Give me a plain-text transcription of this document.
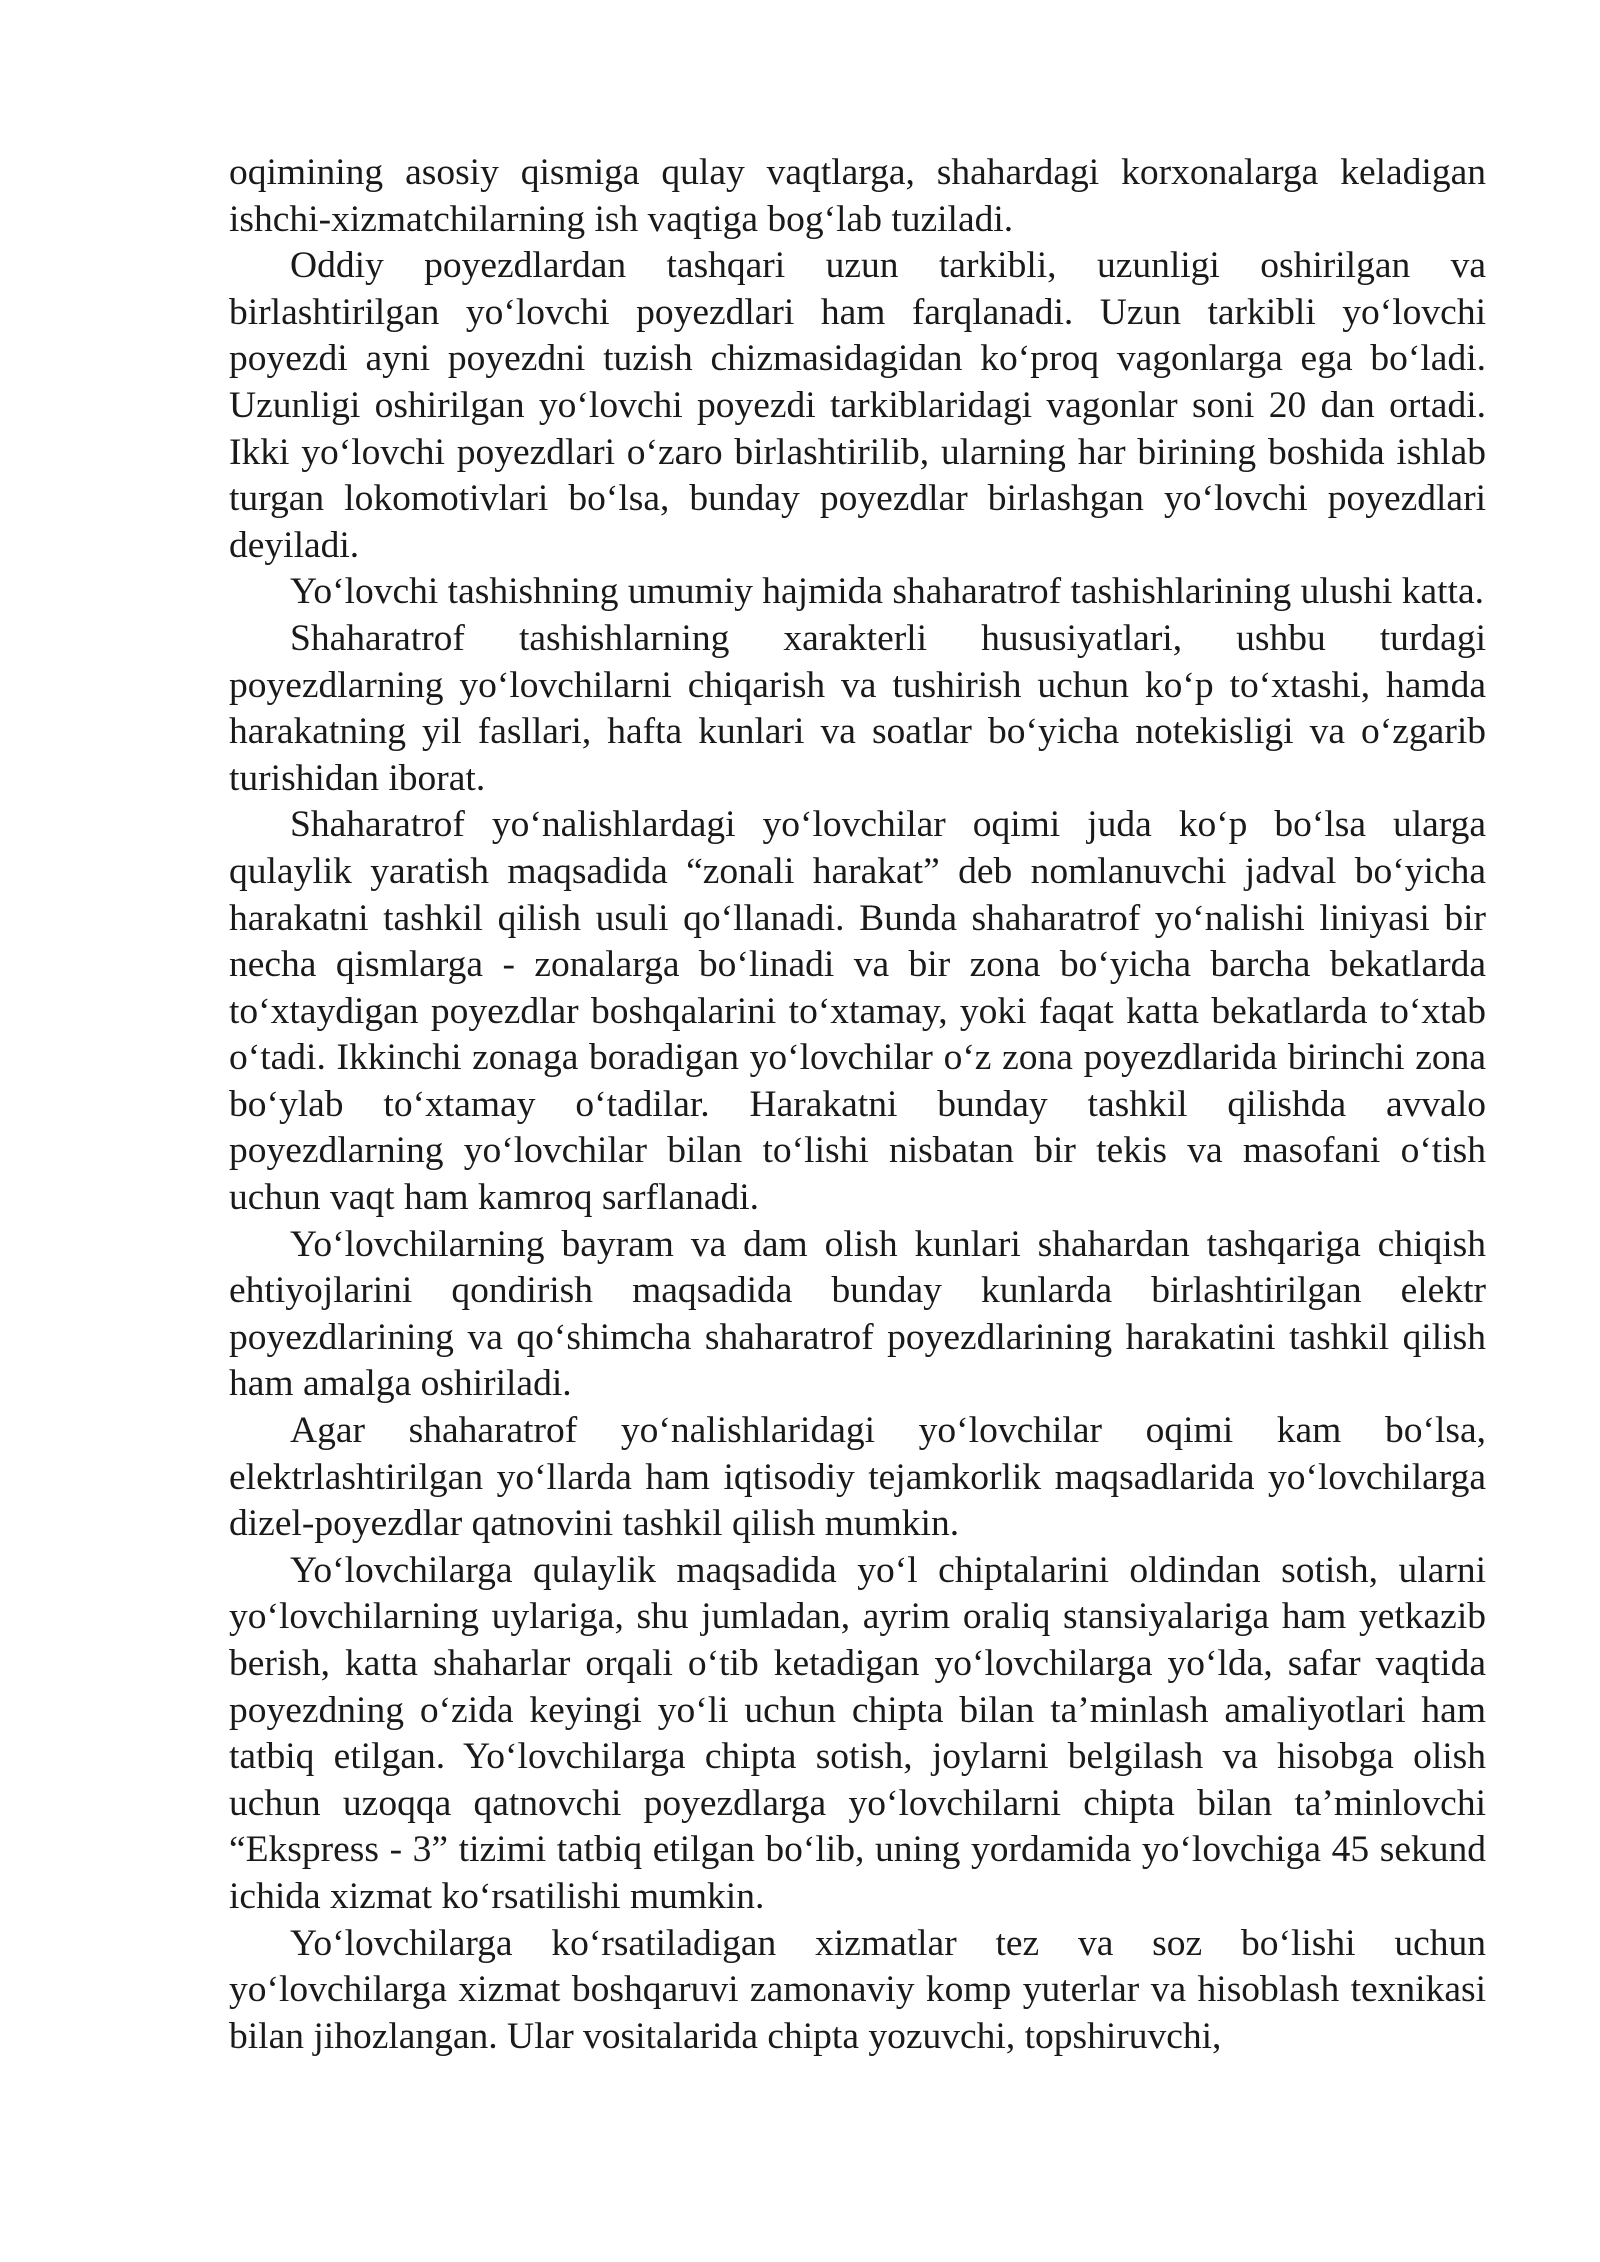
oqimining asosiy qismiga qulay vaqtlarga, shahardagi korxonalarga keladigan ishchi-xizmatchilarning ish vaqtiga bog‘lab tuziladi.

Oddiy poyezdlardan tashqari uzun tarkibli, uzunligi oshirilgan va birlashtirilgan yo‘lovchi poyezdlari ham farqlanadi. Uzun tarkibli yo‘lovchi poyezdi ayni poyezdni tuzish chizmasidagidan ko‘proq vagonlarga ega bo‘ladi. Uzunligi oshirilgan yo‘lovchi poyezdi tarkiblaridagi vagonlar soni 20 dan ortadi. Ikki yo‘lovchi poyezdlari o‘zaro birlashtirilib, ularning har birining boshida ishlab turgan lokomotivlari bo‘lsa, bunday poyezdlar birlashgan yo‘lovchi poyezdlari deyiladi.

Yo‘lovchi tashishning umumiy hajmida shaharatrof tashishlarining ulushi katta.

Shaharatrof tashishlarning xarakterli hususiyatlari, ushbu turdagi poyezdlarning yo‘lovchilarni chiqarish va tushirish uchun ko‘p to‘xtashi, hamda harakatning yil fasllari, hafta kunlari va soatlar bo‘yicha notekisligi va o‘zgarib turishidan iborat.

Shaharatrof yo‘nalishlardagi yo‘lovchilar oqimi juda ko‘p bo‘lsa ularga qulaylik yaratish maqsadida “zonali harakat” deb nomlanuvchi jadval bo‘yicha harakatni tashkil qilish usuli qo‘llanadi. Bunda shaharatrof yo‘nalishi liniyasi bir necha qismlarga - zonalarga bo‘linadi va bir zona bo‘yicha barcha bekatlarda to‘xtaydigan poyezdlar boshqalarini to‘xtamay, yoki faqat katta bekatlarda to‘xtab o‘tadi. Ikkinchi zonaga boradigan yo‘lovchilar o‘z zona poyezdlarida birinchi zona bo‘ylab to‘xtamay o‘tadilar. Harakatni bunday tashkil qilishda avvalo poyezdlarning yo‘lovchilar bilan to‘lishi nisbatan bir tekis va masofani o‘tish uchun vaqt ham kamroq sarflanadi.

Yo‘lovchilarning bayram va dam olish kunlari shahardan tashqariga chiqish ehtiyojlarini qondirish maqsadida bunday kunlarda birlashtirilgan elektr poyezdlarining va qo‘shimcha shaharatrof poyezdlarining harakatini tashkil qilish ham amalga oshiriladi.

Agar shaharatrof yo‘nalishlaridagi yo‘lovchilar oqimi kam bo‘lsa, elektrlashtirilgan yo‘llarda ham iqtisodiy tejamkorlik maqsadlarida yo‘lovchilarga dizel-poyezdlar qatnovini tashkil qilish mumkin.

Yo‘lovchilarga qulaylik maqsadida yo‘l chiptalarini oldindan sotish, ularni yo‘lovchilarning uylariga, shu jumladan, ayrim oraliq stansiyalariga ham yetkazib berish, katta shaharlar orqali o‘tib ketadigan yo‘lovchilarga yo‘lda, safar vaqtida poyezdning o‘zida keyingi yo‘li uchun chipta bilan ta’minlash amaliyotlari ham tatbiq etilgan. Yo‘lovchilarga chipta sotish, joylarni belgilash va hisobga olish uchun uzoqqa qatnovchi poyezdlarga yo‘lovchilarni chipta bilan ta’minlovchi “Ekspress - 3” tizimi tatbiq etilgan bo‘lib, uning yordamida yo‘lovchiga 45 sekund ichida xizmat ko‘rsatilishi mumkin.

Yo‘lovchilarga ko‘rsatiladigan xizmatlar tez va soz bo‘lishi uchun yo‘lovchilarga xizmat boshqaruvi zamonaviy komp yuterlar va hisoblash texnikasi bilan jihozlangan. Ular vositalarida chipta yozuvchi, topshiruvchi,
